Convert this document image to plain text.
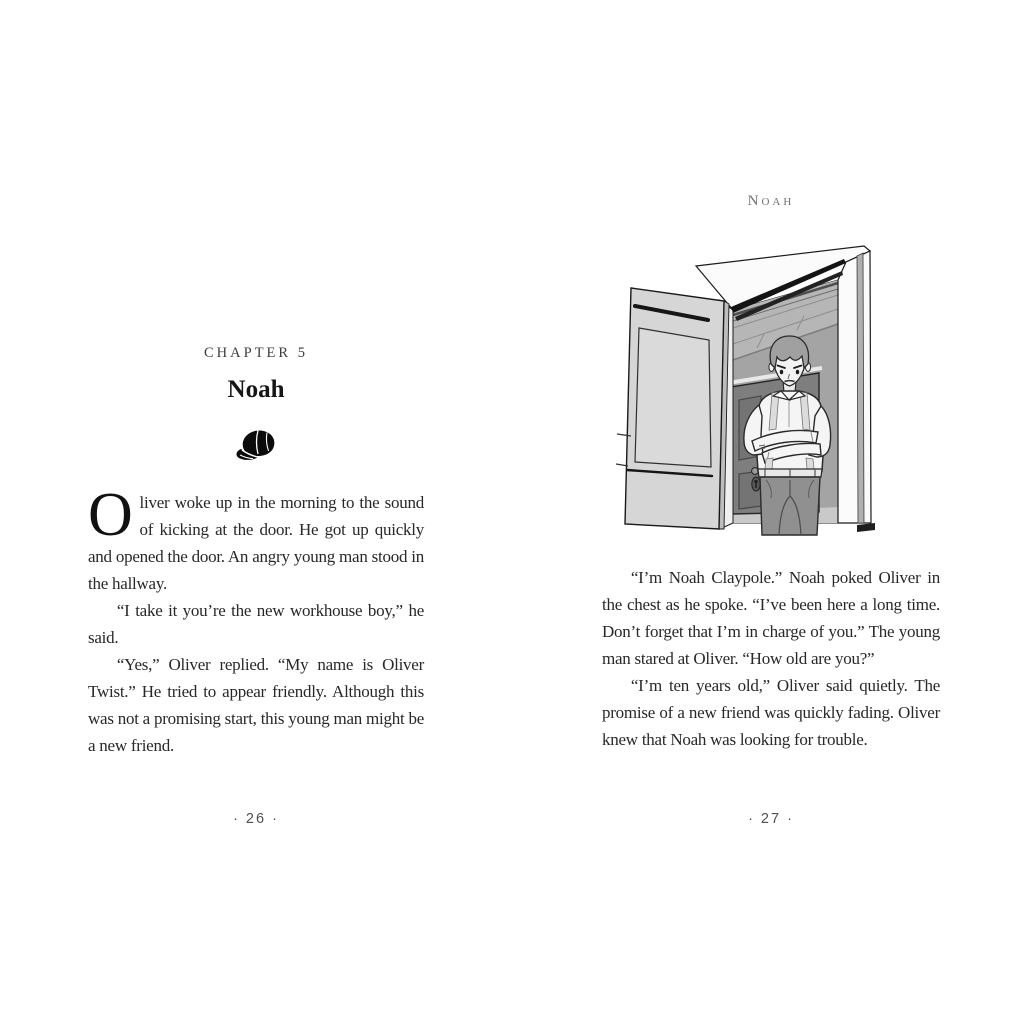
CHAPTER 5
Noah

Oliver woke up in the morning to the sound of kicking at the door. He got up quickly and opened the door. An angry young man stood in the hallway.

“I take it you’re the new workhouse boy,” he said.

“Yes,” Oliver replied. “My name is Oliver Twist.” He tried to appear friendly. Although this was not a promising start, this young man might be a new friend.

· 26 ·
Noah

“I’m Noah Claypole.” Noah poked Oliver in the chest as he spoke. “I’ve been here a long time. Don’t forget that I’m in charge of you.” The young man stared at Oliver. “How old are you?”

“I’m ten years old,” Oliver said quietly. The promise of a new friend was quickly fading. Oliver knew that Noah was looking for trouble.

· 27 ·
